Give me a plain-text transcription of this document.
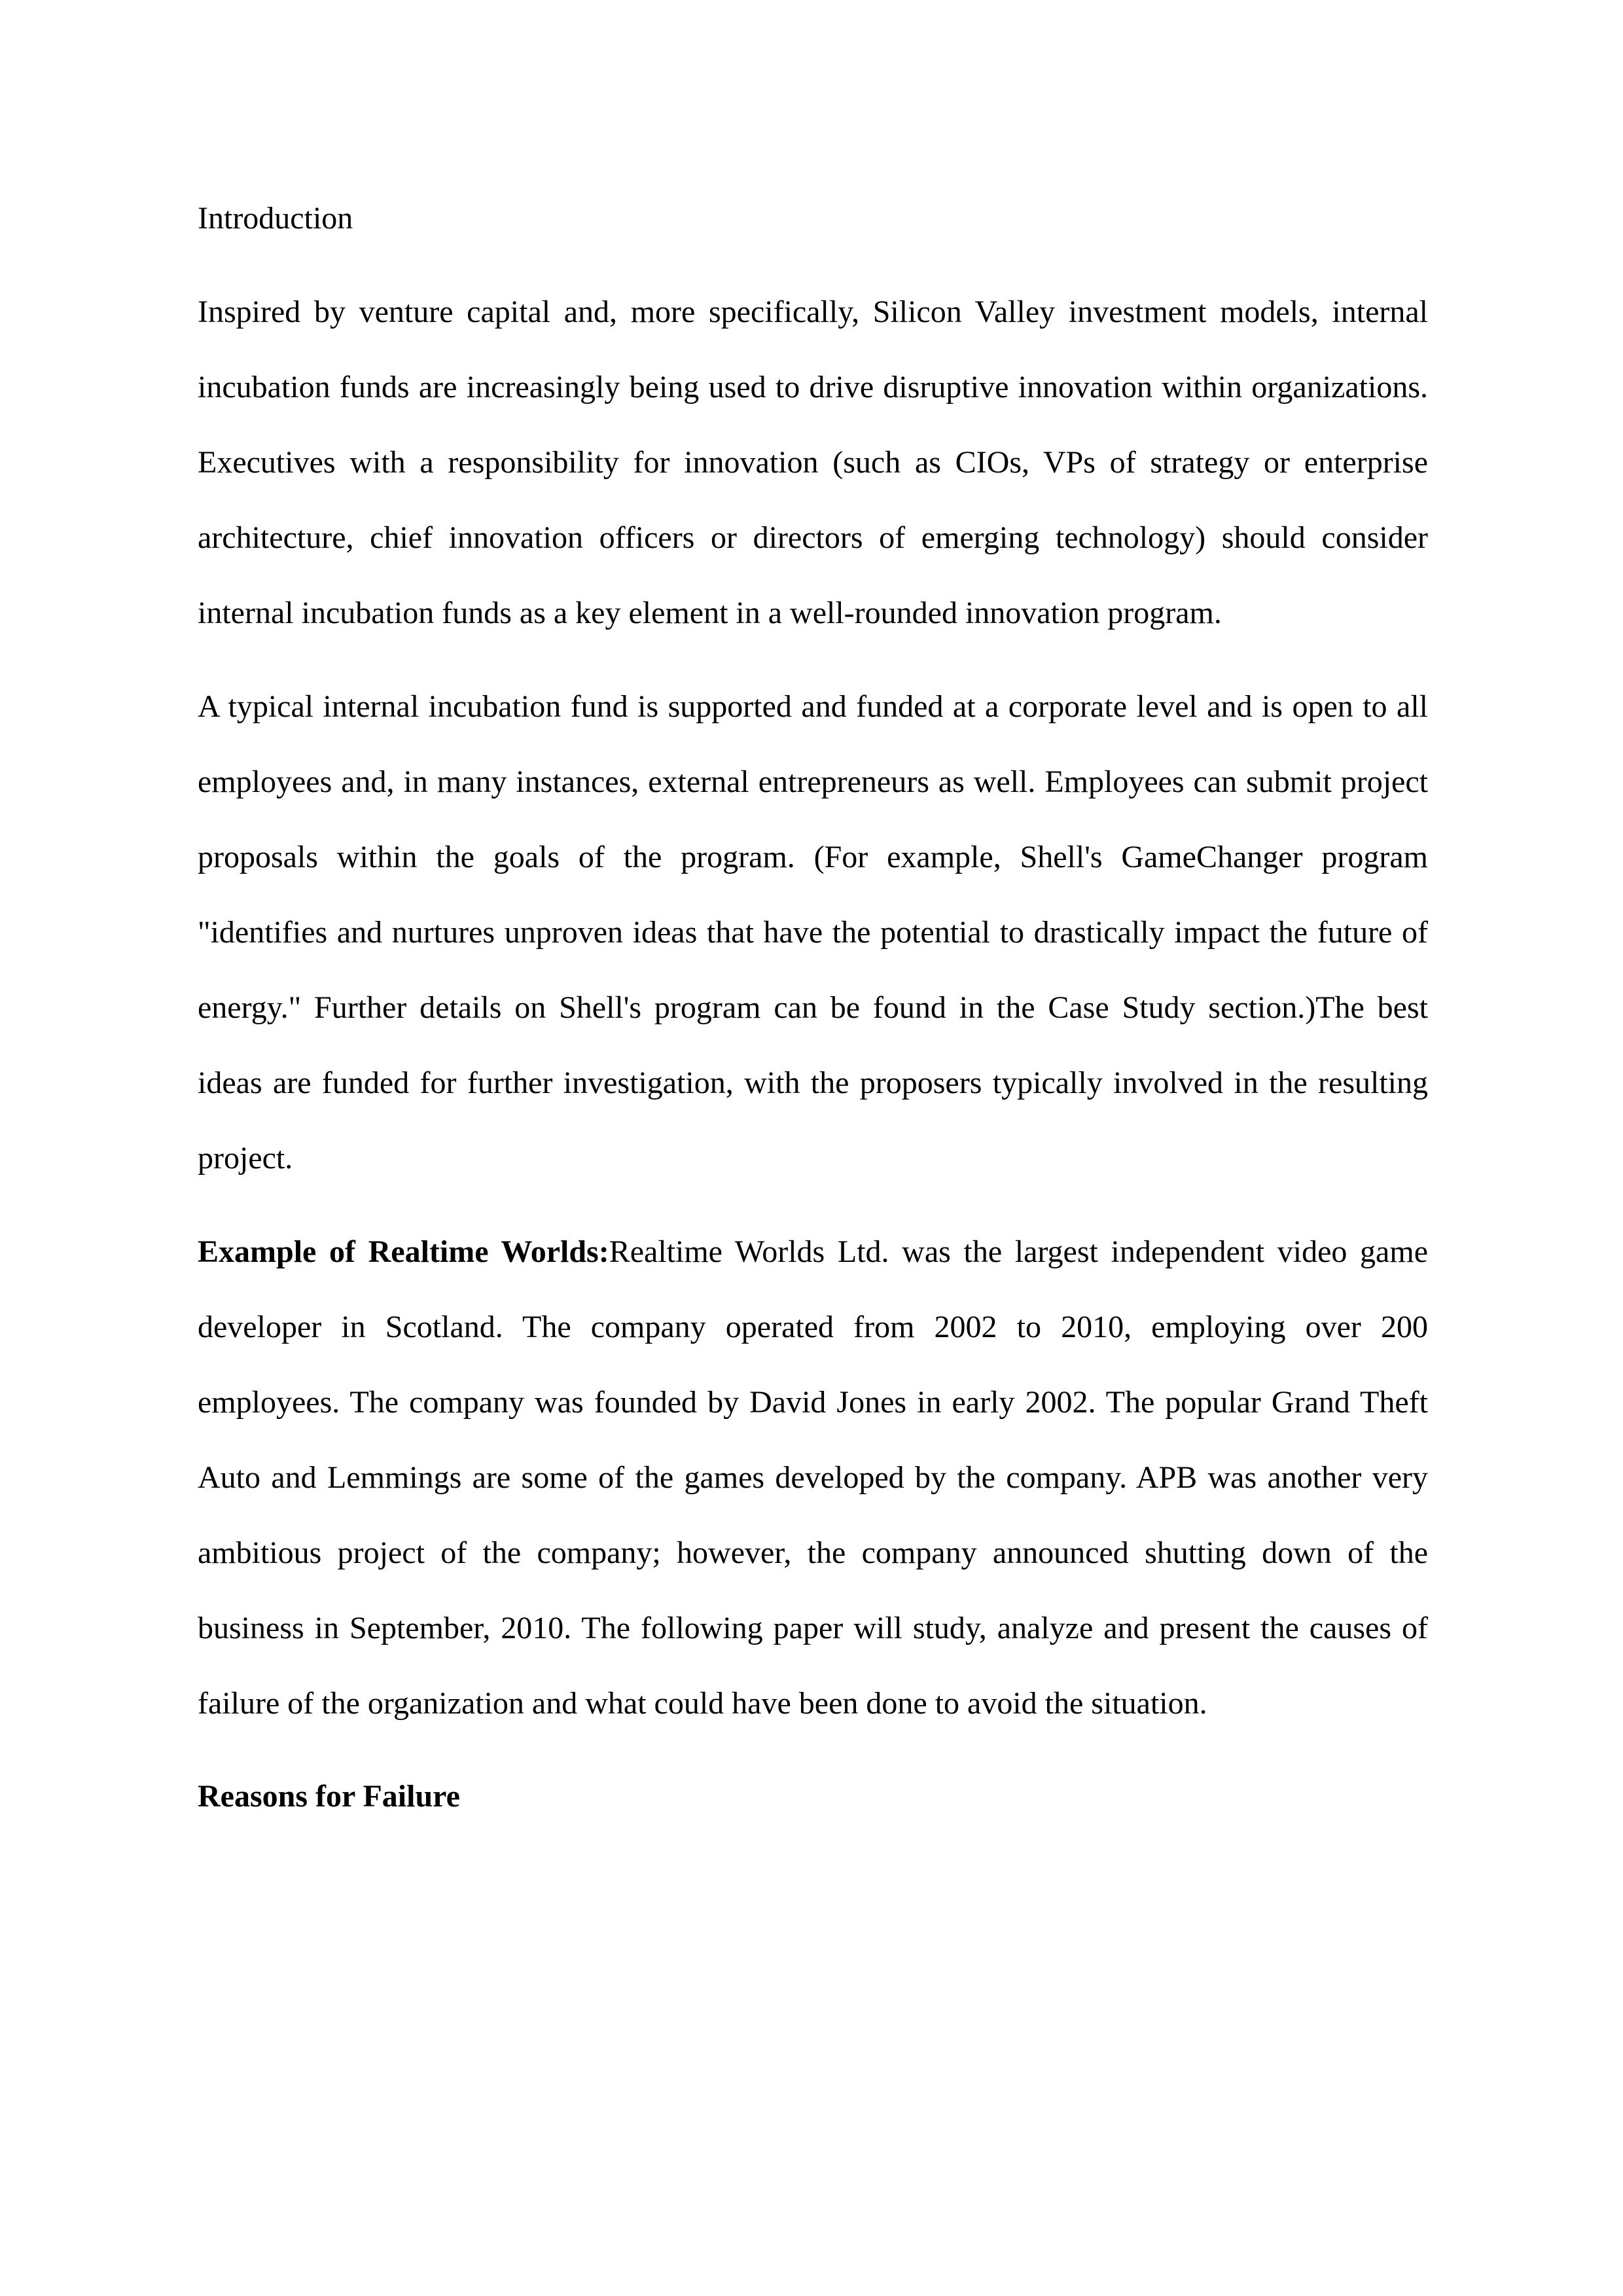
Introduction

Inspired by venture capital and, more specifically, Silicon Valley investment models, internal incubation funds are increasingly being used to drive disruptive innovation within organizations. Executives with a responsibility for innovation (such as CIOs, VPs of strategy or enterprise architecture, chief innovation officers or directors of emerging technology) should consider internal incubation funds as a key element in a well-rounded innovation program.

A typical internal incubation fund is supported and funded at a corporate level and is open to all employees and, in many instances, external entrepreneurs as well. Employees can submit project proposals within the goals of the program. (For example, Shell's GameChanger program "identifies and nurtures unproven ideas that have the potential to drastically impact the future of energy." Further details on Shell's program can be found in the Case Study section.)The best ideas are funded for further investigation, with the proposers typically involved in the resulting project.

Example of Realtime Worlds:Realtime Worlds Ltd. was the largest independent video game developer in Scotland. The company operated from 2002 to 2010, employing over 200 employees. The company was founded by David Jones in early 2002. The popular Grand Theft Auto and Lemmings are some of the games developed by the company. APB was another very ambitious project of the company; however, the company announced shutting down of the business in September, 2010. The following paper will study, analyze and present the causes of failure of the organization and what could have been done to avoid the situation.

Reasons for Failure
